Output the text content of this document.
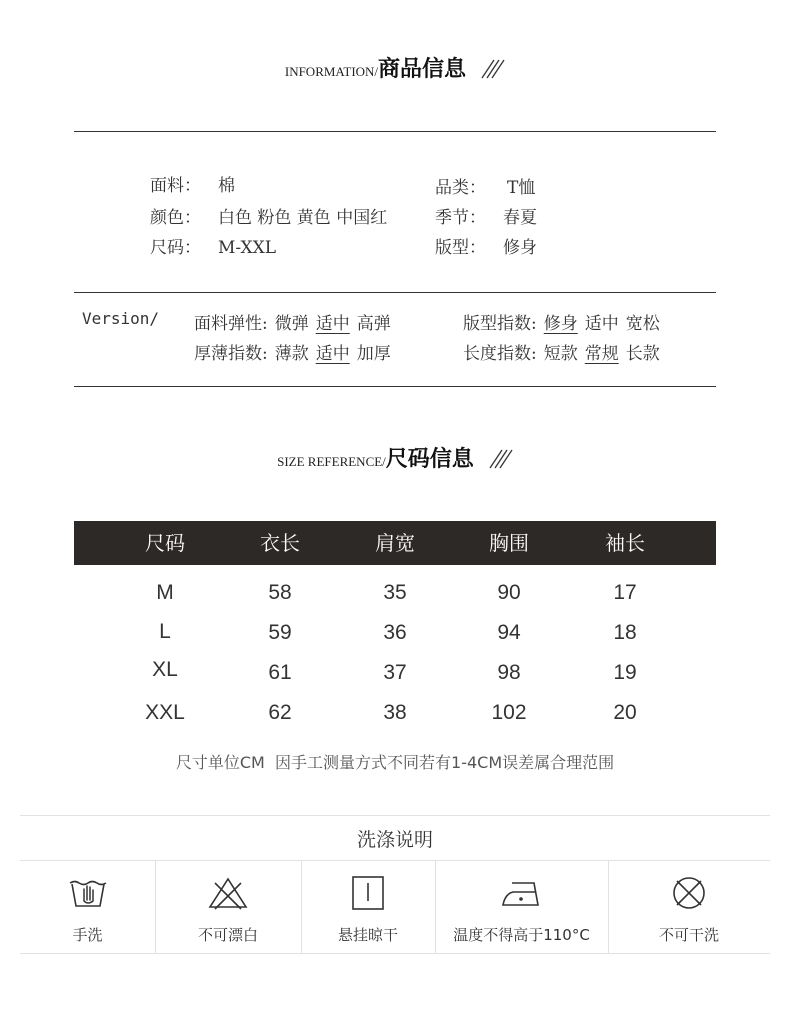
INFORMATION/商品信息
面料： 棉
颜色： 白色 粉色 黄色 中国红
尺码： M-XXL
品类： T恤
季节： 春夏
版型： 修身
Version/ 面料弹性: 微弹 适中 高弹	版型指数: 修身 适中 宽松
厚薄指数: 薄款 适中 加厚	长度指数: 短款 常规 长款
SIZE REFERENCE/尺码信息
尺码	衣长	肩宽	胸围	袖长
M	58	35	90	17
L	59	36	94	18
XL	61	37	98	19
XXL	62	38	102	20
尺寸单位CM  因手工测量方式不同若有1-4CM误差属合理范围
洗涤说明
手洗	不可漂白	悬挂晾干	温度不得高于110°C	不可干洗
